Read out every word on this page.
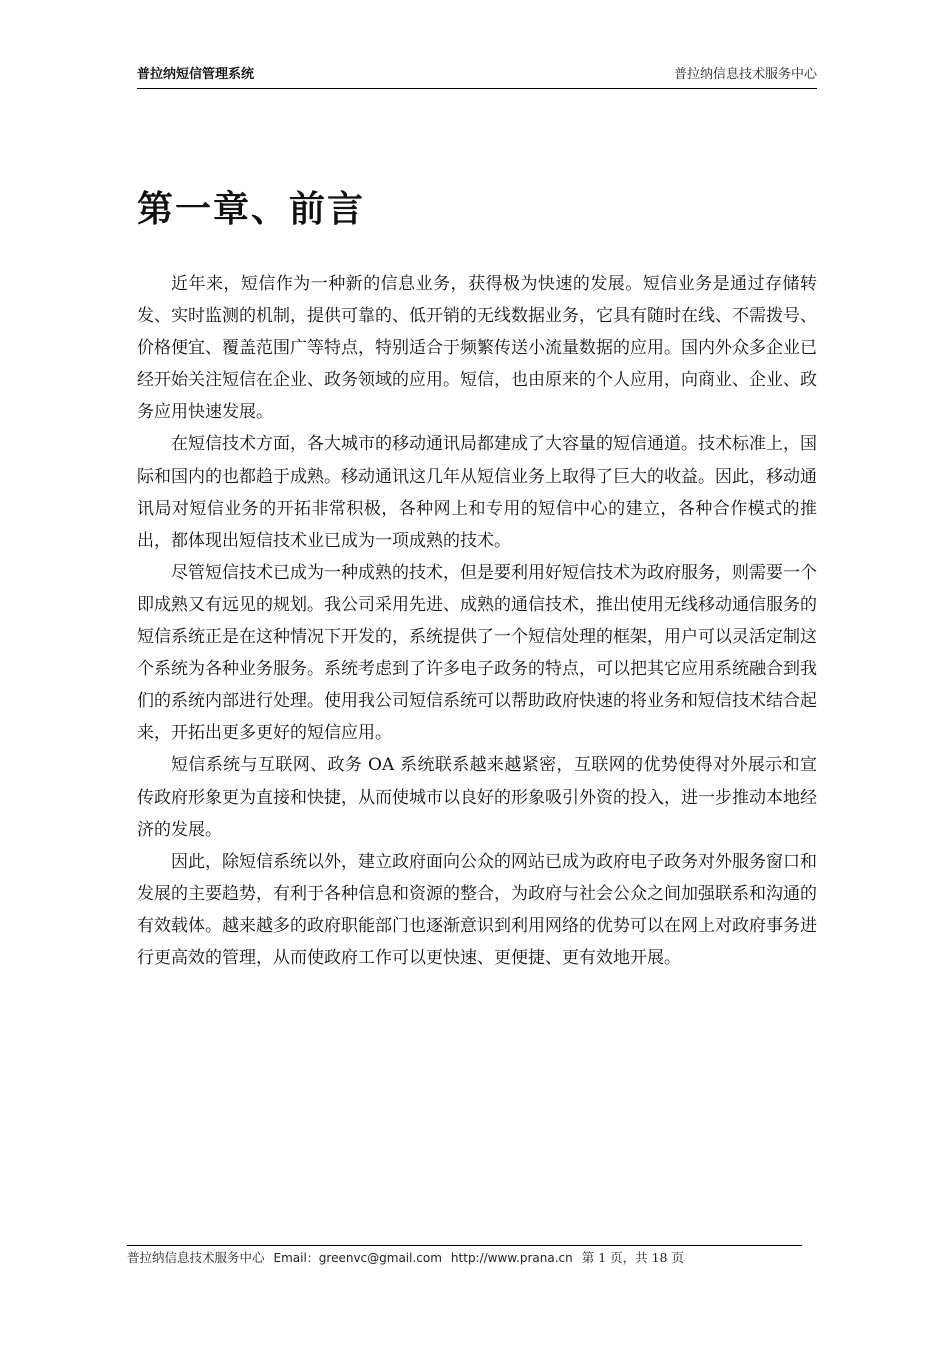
普拉纳短信管理系统	普拉纳信息技术服务中心
第一章、前言

近年来，短信作为一种新的信息业务，获得极为快速的发展。短信业务是通过存储转发、实时监测的机制，提供可靠的、低开销的无线数据业务，它具有随时在线、不需拨号、价格便宜、覆盖范围广等特点，特别适合于频繁传送小流量数据的应用。国内外众多企业已经开始关注短信在企业、政务领域的应用。短信，也由原来的个人应用，向商业、企业、政务应用快速发展。

在短信技术方面，各大城市的移动通讯局都建成了大容量的短信通道。技术标准上，国际和国内的也都趋于成熟。移动通讯这几年从短信业务上取得了巨大的收益。因此，移动通讯局对短信业务的开拓非常积极，各种网上和专用的短信中心的建立，各种合作模式的推出，都体现出短信技术业已成为一项成熟的技术。

尽管短信技术已成为一种成熟的技术，但是要利用好短信技术为政府服务，则需要一个即成熟又有远见的规划。我公司采用先进、成熟的通信技术，推出使用无线移动通信服务的短信系统正是在这种情况下开发的，系统提供了一个短信处理的框架，用户可以灵活定制这个系统为各种业务服务。系统考虑到了许多电子政务的特点，可以把其它应用系统融合到我们的系统内部进行处理。使用我公司短信系统可以帮助政府快速的将业务和短信技术结合起来，开拓出更多更好的短信应用。

短信系统与互联网、政务 OA 系统联系越来越紧密，互联网的优势使得对外展示和宣传政府形象更为直接和快捷，从而使城市以良好的形象吸引外资的投入，进一步推动本地经济的发展。

因此，除短信系统以外，建立政府面向公众的网站已成为政府电子政务对外服务窗口和发展的主要趋势，有利于各种信息和资源的整合，为政府与社会公众之间加强联系和沟通的有效载体。越来越多的政府职能部门也逐渐意识到利用网络的优势可以在网上对政府事务进行更高效的管理，从而使政府工作可以更快速、更便捷、更有效地开展。

普拉纳信息技术服务中心 Email：greenvc@gmail.com http://www.prana.cn 第 1 页，共 18 页
